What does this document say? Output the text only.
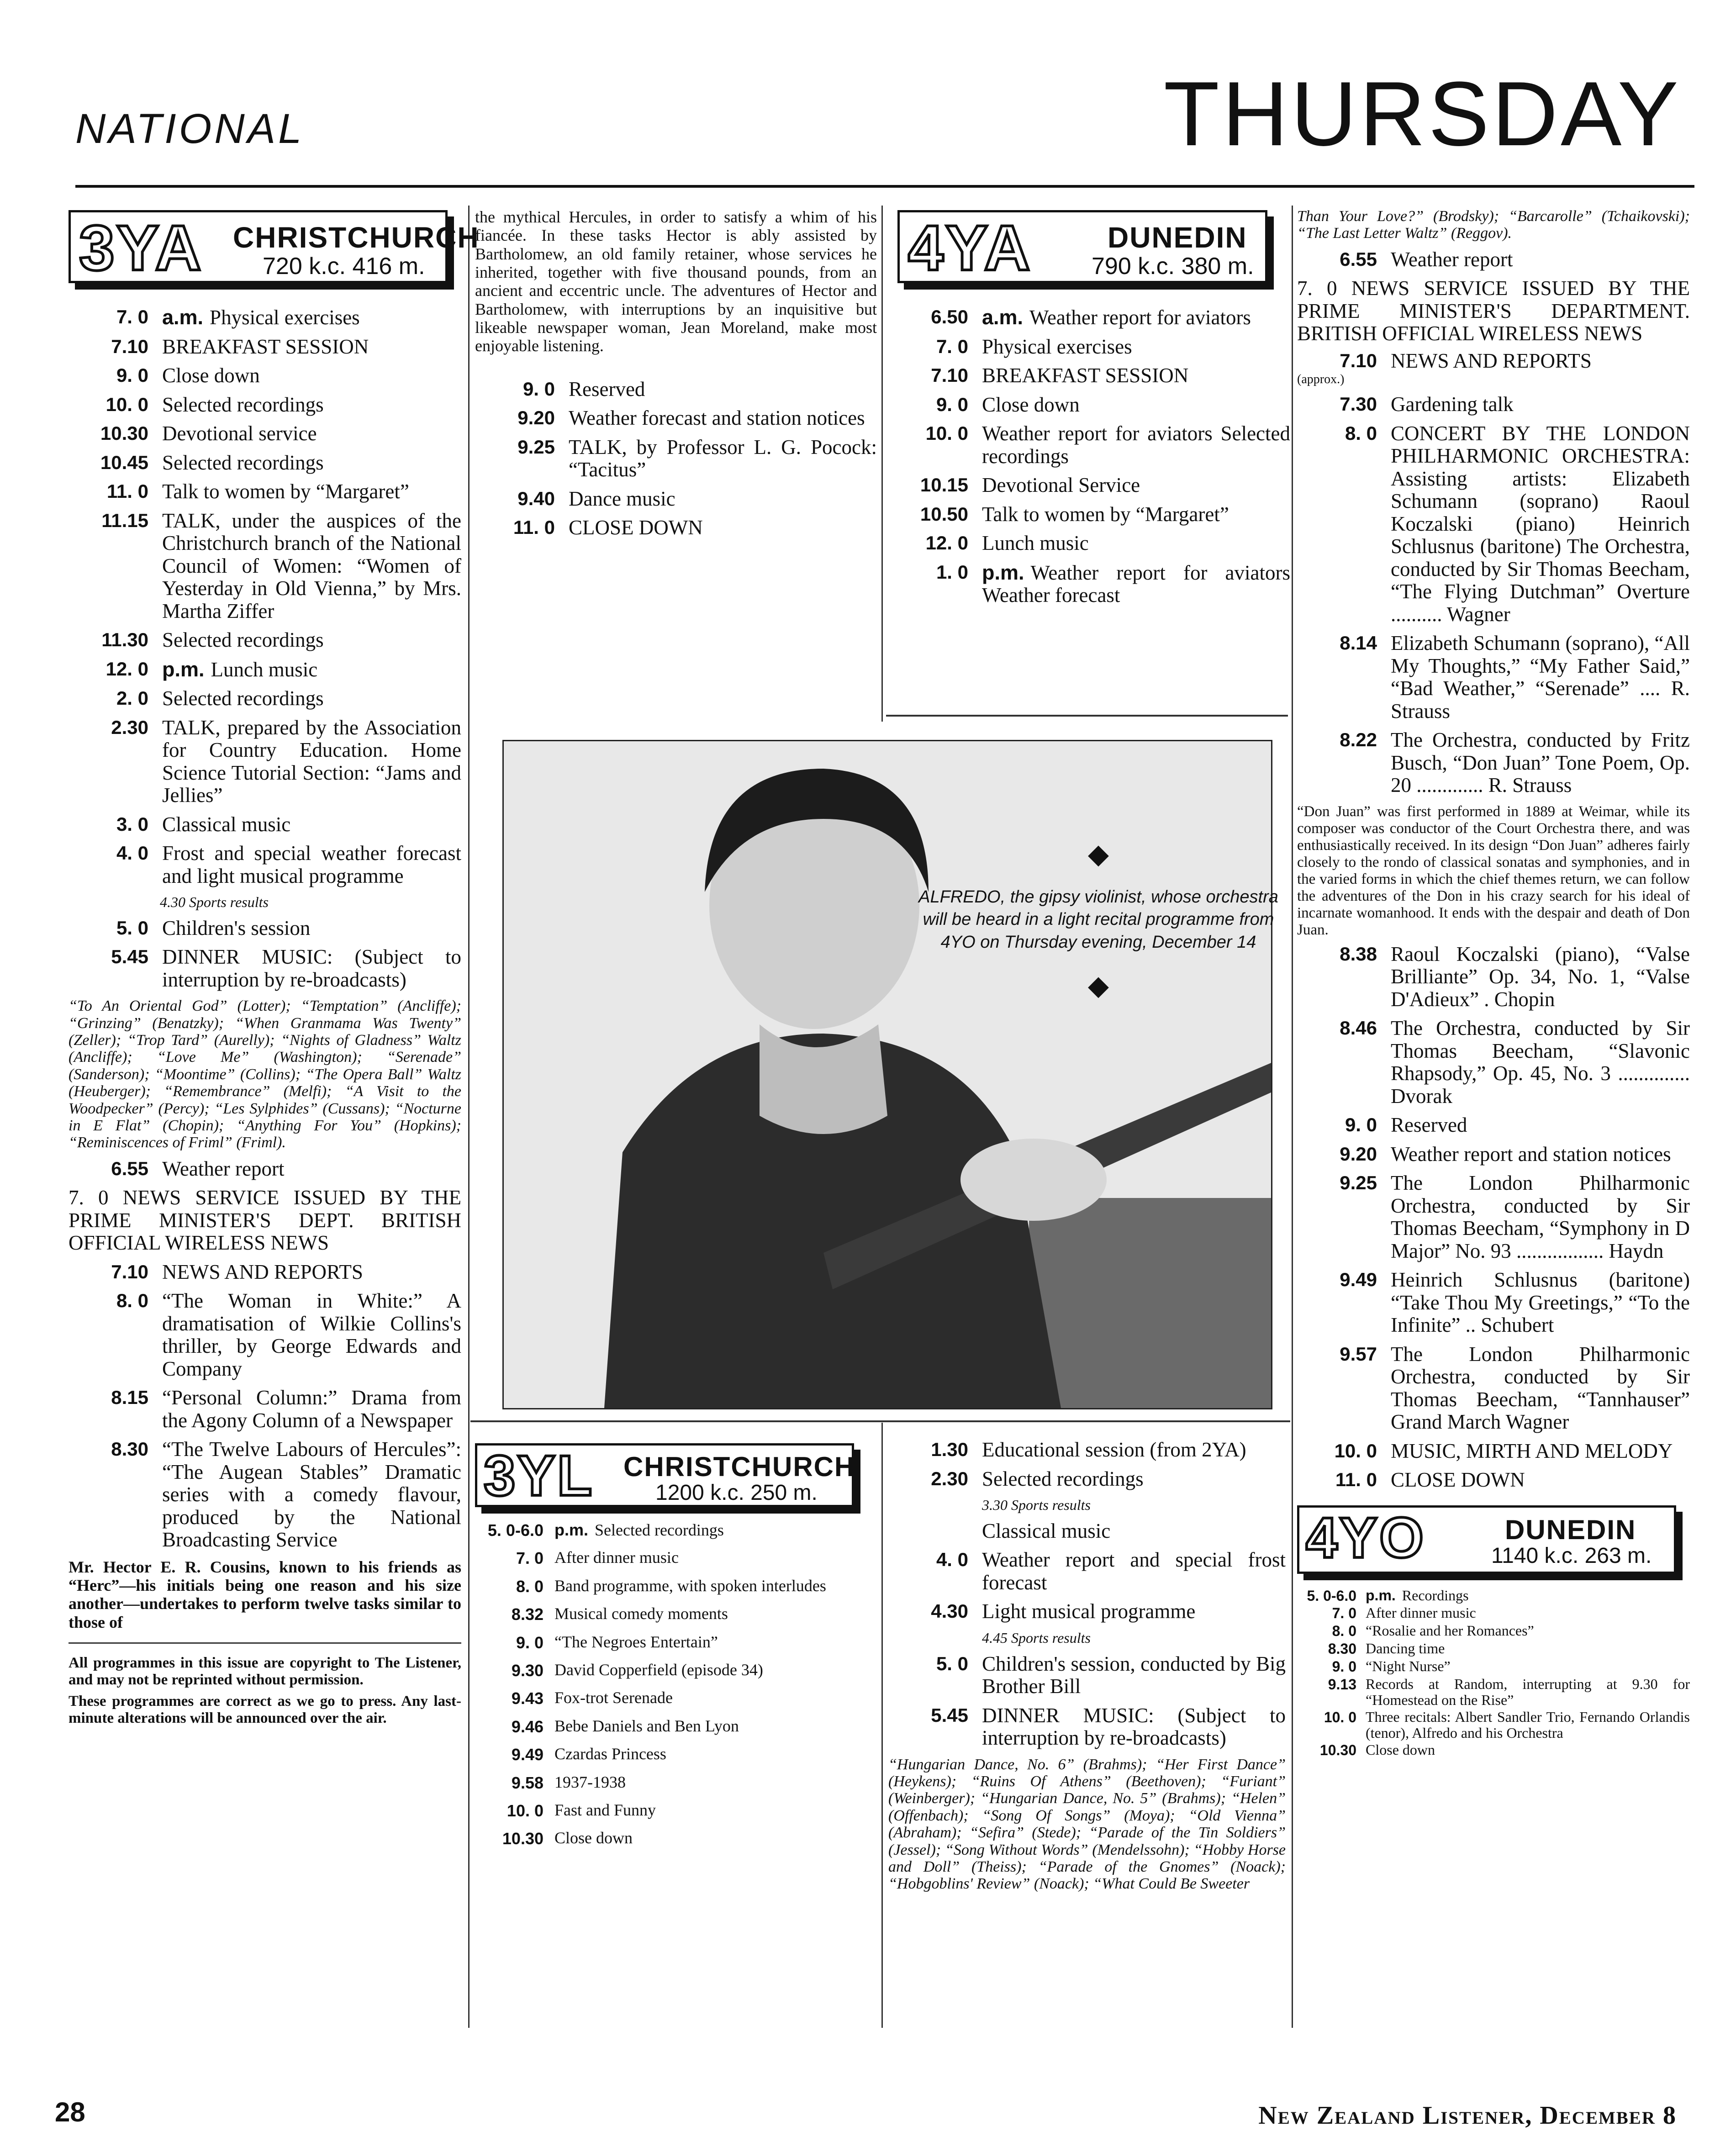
NATIONAL	THURSDAY
3YA CHRISTCHURCH
720 k.c. 416 m.
7. 0 a.m. Physical exercises
7.10 BREAKFAST SESSION
9. 0 Close down
10. 0 Selected recordings
10.30 Devotional service
10.45 Selected recordings
11. 0 Talk to women by “Margaret”
11.15 TALK, under the auspices of the Christchurch branch of the National Council of Women: “Women of Yesterday in Old Vienna,” by Mrs. Martha Ziffer
11.30 Selected recordings
12. 0 p.m. Lunch music
2. 0 Selected recordings
2.30 TALK, prepared by the Association for Country Education. Home Science Tutorial Section: “Jams and Jellies”
3. 0 Classical music
4. 0 Frost and special weather forecast and light musical programme
4.30 Sports results
5. 0 Children's session
5.45 DINNER MUSIC: (Subject to interruption by re-broadcasts)
“To An Oriental God” (Lotter); “Temptation” (Ancliffe); “Grinzing” (Benatzky); “When Granmama Was Twenty” (Zeller); “Trop Tard” (Aurelly); “Nights of Gladness” Waltz (Ancliffe); “Love Me” (Washington); “Serenade” (Sanderson); “Moontime” (Collins); “The Opera Ball” Waltz (Heuberger); “Remembrance” (Melfi); “A Visit to the Woodpecker” (Percy); “Les Sylphides” (Cussans); “Nocturne in E Flat” (Chopin); “Anything For You” (Hopkins); “Reminiscences of Friml” (Friml).
6.55 Weather report
7. 0 NEWS SERVICE ISSUED BY THE PRIME MINISTER'S DEPT. BRITISH OFFICIAL WIRELESS NEWS
7.10 NEWS AND REPORTS
8. 0 “The Woman in White:” A dramatisation of Wilkie Collins's thriller, by George Edwards and Company
8.15 “Personal Column:” Drama from the Agony Column of a Newspaper
8.30 “The Twelve Labours of Hercules”: “The Augean Stables” Dramatic series with a comedy flavour, produced by the National Broadcasting Service
Mr. Hector E. R. Cousins, known to his friends as “Herc”—his initials being one reason and his size another—undertakes to perform twelve tasks similar to those of
All programmes in this issue are copyright to The Listener, and may not be reprinted without permission.
These programmes are correct as we go to press. Any last-minute alterations will be announced over the air.
the mythical Hercules, in order to satisfy a whim of his fiancée. In these tasks Hector is ably assisted by Bartholomew, an old family retainer, whose services he inherited, together with five thousand pounds, from an ancient and eccentric uncle. The adventures of Hector and Bartholomew, with interruptions by an inquisitive but likeable newspaper woman, Jean Moreland, make most enjoyable listening.
9. 0 Reserved
9.20 Weather forecast and station notices
9.25 TALK, by Professor L. G. Pocock: “Tacitus”
9.40 Dance music
11. 0 CLOSE DOWN
4YA	DUNEDIN
790 k.c. 380 m.
6.50 a.m. Weather report for aviators
7. 0 Physical exercises
7.10 BREAKFAST SESSION
9. 0 Close down
10. 0 Weather report for aviators Selected recordings
10.15 Devotional Service
10.50 Talk to women by “Margaret”
12. 0 Lunch music
1. 0 p.m. Weather report for aviators Weather forecast
◆
ALFREDO, the gipsy violinist, whose orchestra will be heard in a light recital programme from 4YO on Thursday evening, December 14
◆
3YL CHRISTCHURCH
1200 k.c. 250 m.
5. 0-6.0 p.m. Selected recordings
7. 0 After dinner music
8. 0 Band programme, with spoken interludes
8.32 Musical comedy moments
9. 0 “The Negroes Entertain”
9.30 David Copperfield (episode 34)
9.43 Fox-trot Serenade
9.46 Bebe Daniels and Ben Lyon
9.49 Czardas Princess
9.58 1937-1938
10. 0 Fast and Funny
10.30 Close down
1.30 Educational session (from 2YA)
2.30 Selected recordings
3.30 Sports results
Classical music
4. 0 Weather report and special frost forecast
4.30 Light musical programme
4.45 Sports results
5. 0 Children's session, conducted by Big Brother Bill
5.45 DINNER MUSIC: (Subject to interruption by re-broadcasts)
“Hungarian Dance, No. 6” (Brahms); “Her First Dance” (Heykens); “Ruins Of Athens” (Beethoven); “Furiant” (Weinberger); “Hungarian Dance, No. 5” (Brahms); “Helen” (Offenbach); “Song Of Songs” (Moya); “Old Vienna” (Abraham); “Sefira” (Stede); “Parade of the Tin Soldiers” (Jessel); “Song Without Words” (Mendelssohn); “Hobby Horse and Doll” (Theiss); “Parade of the Gnomes” (Noack); “Hobgoblins' Review” (Noack); “What Could Be Sweeter
Than Your Love?” (Brodsky); “Barcarolle” (Tchaikovski); “The Last Letter Waltz” (Reggov).
6.55 Weather report
7. 0 NEWS SERVICE ISSUED BY THE PRIME MINISTER'S DEPARTMENT. BRITISH OFFICIAL WIRELESS NEWS
7.10 NEWS AND REPORTS
(approx.)
7.30 Gardening talk
8. 0 CONCERT BY THE LONDON PHILHARMONIC ORCHESTRA: Assisting artists: Elizabeth Schumann (soprano) Raoul Koczalski (piano) Heinrich Schlusnus (baritone) The Orchestra, conducted by Sir Thomas Beecham, “The Flying Dutchman” Overture .......... Wagner
8.14 Elizabeth Schumann (soprano), “All My Thoughts,” “My Father Said,” “Bad Weather,” “Serenade” .... R. Strauss
8.22 The Orchestra, conducted by Fritz Busch, “Don Juan” Tone Poem, Op. 20 ............. R. Strauss
“Don Juan” was first performed in 1889 at Weimar, while its composer was conductor of the Court Orchestra there, and was enthusiastically received. In its design “Don Juan” adheres fairly closely to the rondo of classical sonatas and symphonies, and in the varied forms in which the chief themes return, we can follow the adventures of the Don in his crazy search for his ideal of incarnate womanhood. It ends with the despair and death of Don Juan.
8.38 Raoul Koczalski (piano), “Valse Brilliante” Op. 34, No. 1, “Valse D'Adieux” . Chopin
8.46 The Orchestra, conducted by Sir Thomas Beecham, “Slavonic Rhapsody,” Op. 45, No. 3 .............. Dvorak
9. 0 Reserved
9.20 Weather report and station notices
9.25 The London Philharmonic Orchestra, conducted by Sir Thomas Beecham, “Symphony in D Major” No. 93 ................. Haydn
9.49 Heinrich Schlusnus (baritone) “Take Thou My Greetings,” “To the Infinite” .. Schubert
9.57 The London Philharmonic Orchestra, conducted by Sir Thomas Beecham, “Tannhauser” Grand March Wagner
10. 0 MUSIC, MIRTH AND MELODY
11. 0 CLOSE DOWN
4YO	DUNEDIN
1140 k.c. 263 m.
5. 0-6.0 p.m. Recordings
7. 0 After dinner music
8. 0 “Rosalie and her Romances”
8.30 Dancing time
9. 0 “Night Nurse”
9.13 Records at Random, interrupting at 9.30 for “Homestead on the Rise”
10. 0 Three recitals: Albert Sandler Trio, Fernando Orlandis (tenor), Alfredo and his Orchestra
10.30 Close down
28	New Zealand Listener, December 8
